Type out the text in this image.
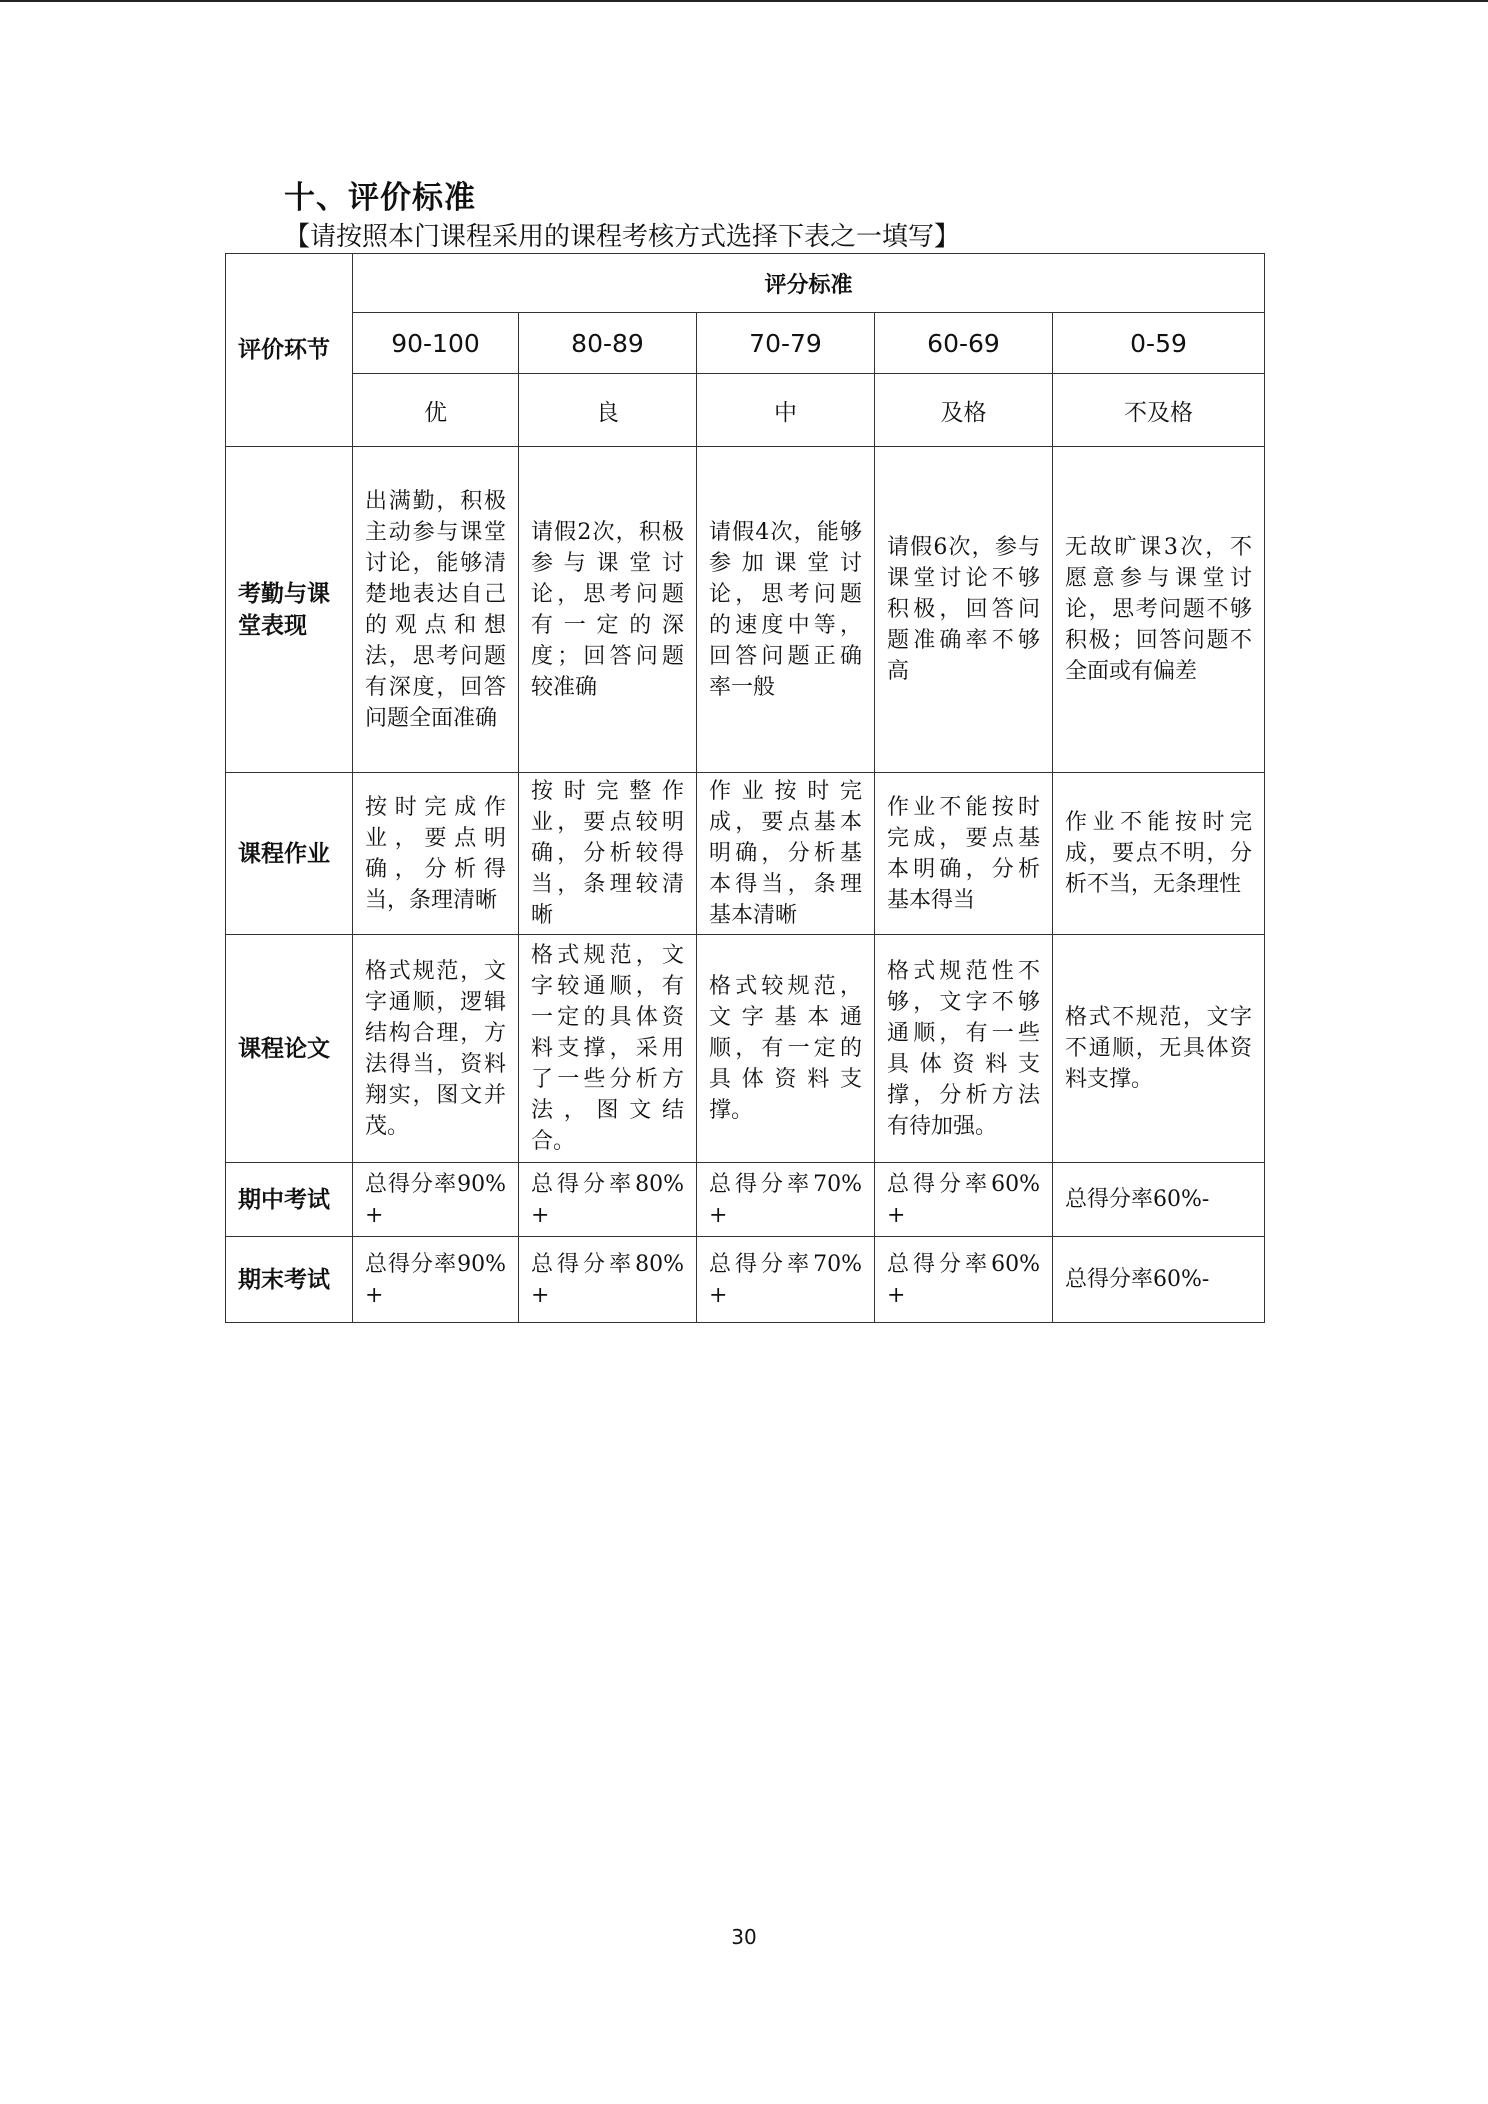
十、评价标准
【请按照本门课程采用的课程考核方式选择下表之一填写】
评价环节	评分标准				
	90-100	80-89	70-79	60-69	0-59
	优	良	中	及格	不及格
考勤与课堂表现	出满勤，积极主动参与课堂讨论，能够清楚地表达自己的观点和想法，思考问题有深度，回答问题全面准确	请假2次，积极参与课堂讨论，思考问题有一定的深度；回答问题较准确	请假4次，能够参加课堂讨论，思考问题的速度中等，回答问题正确率一般	请假6次，参与课堂讨论不够积极，回答问题准确率不够高	无故旷课3次，不愿意参与课堂讨论，思考问题不够积极；回答问题不全面或有偏差
课程作业	按时完成作业，要点明确，分析得当，条理清晰	按时完整作业，要点较明确，分析较得当，条理较清晰	作业按时完成，要点基本明确，分析基本得当，条理基本清晰	作业不能按时完成，要点基本明确，分析基本得当	作业不能按时完成，要点不明，分析不当，无条理性
课程论文	格式规范，文字通顺，逻辑结构合理，方法得当，资料翔实，图文并茂。	格式规范，文字较通顺，有一定的具体资料支撑，采用了一些分析方法，图文结合。	格式较规范，文字基本通顺，有一定的具体资料支撑。	格式规范性不够，文字不够通顺，有一些具体资料支撑，分析方法有待加强。	格式不规范，文字不通顺，无具体资料支撑。
期中考试	总得分率90%+	总得分率80%+	总得分率70%+	总得分率60%+	总得分率60%-
期末考试	总得分率90%+	总得分率80%+	总得分率70%+	总得分率60%+	总得分率60%-
30
